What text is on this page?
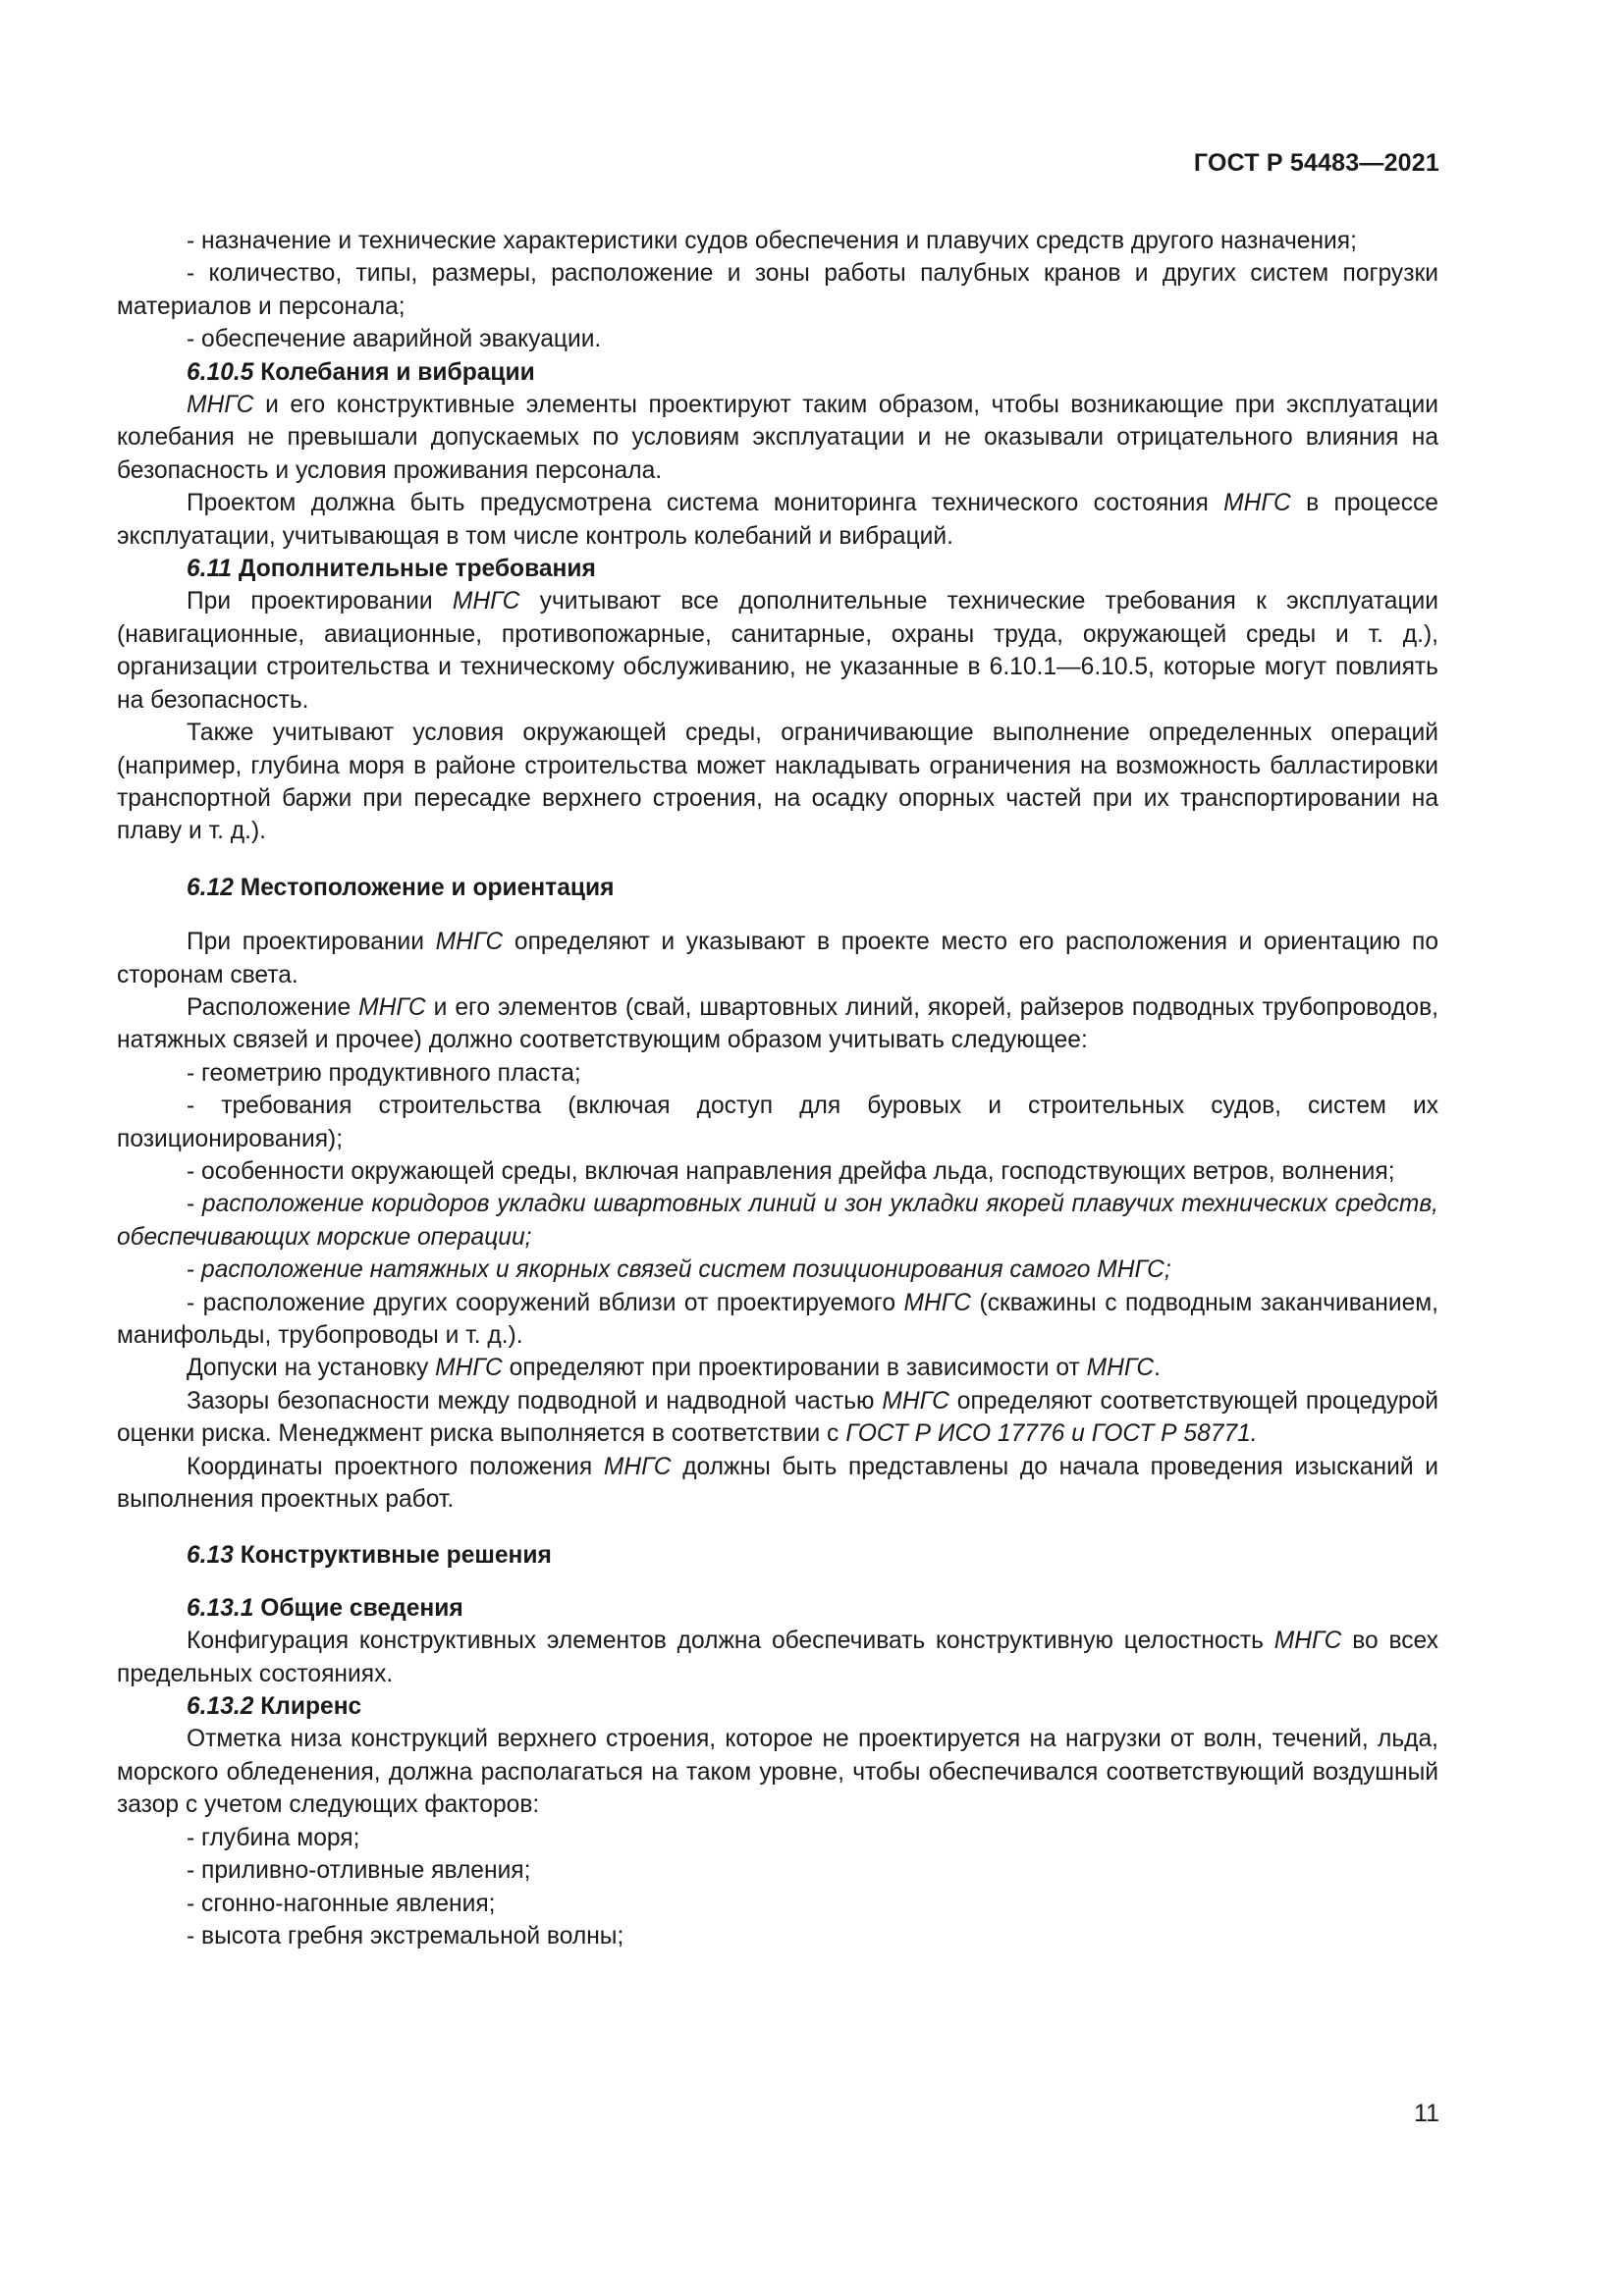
ГОСТ Р 54483—2021

- назначение и технические характеристики судов обеспечения и плавучих средств другого назначения;

- количество, типы, размеры, расположение и зоны работы палубных кранов и других систем погрузки материалов и персонала;

- обеспечение аварийной эвакуации.

6.10.5 Колебания и вибрации

МНГС и его конструктивные элементы проектируют таким образом, чтобы возникающие при эксплуатации колебания не превышали допускаемых по условиям эксплуатации и не оказывали отрицательного влияния на безопасность и условия проживания персонала.

Проектом должна быть предусмотрена система мониторинга технического состояния МНГС в процессе эксплуатации, учитывающая в том числе контроль колебаний и вибраций.

6.11 Дополнительные требования

При проектировании МНГС учитывают все дополнительные технические требования к эксплуатации (навигационные, авиационные, противопожарные, санитарные, охраны труда, окружающей среды и т. д.), организации строительства и техническому обслуживанию, не указанные в 6.10.1—6.10.5, которые могут повлиять на безопасность.

Также учитывают условия окружающей среды, ограничивающие выполнение определенных операций (например, глубина моря в районе строительства может накладывать ограничения на возможность балластировки транспортной баржи при пересадке верхнего строения, на осадку опорных частей при их транспортировании на плаву и т. д.).

6.12 Местоположение и ориентация

При проектировании МНГС определяют и указывают в проекте место его расположения и ориентацию по сторонам света.

Расположение МНГС и его элементов (свай, швартовных линий, якорей, райзеров подводных трубопроводов, натяжных связей и прочее) должно соответствующим образом учитывать следующее:

- геометрию продуктивного пласта;

- требования строительства (включая доступ для буровых и строительных судов, систем их позиционирования);

- особенности окружающей среды, включая направления дрейфа льда, господствующих ветров, волнения;

- расположение коридоров укладки швартовных линий и зон укладки якорей плавучих технических средств, обеспечивающих морские операции;

- расположение натяжных и якорных связей систем позиционирования самого МНГС;

- расположение других сооружений вблизи от проектируемого МНГС (скважины с подводным заканчиванием, манифольды, трубопроводы и т. д.).

Допуски на установку МНГС определяют при проектировании в зависимости от МНГС.

Зазоры безопасности между подводной и надводной частью МНГС определяют соответствующей процедурой оценки риска. Менеджмент риска выполняется в соответствии с ГОСТ Р ИСО 17776 и ГОСТ Р 58771.

Координаты проектного положения МНГС должны быть представлены до начала проведения изысканий и выполнения проектных работ.

6.13 Конструктивные решения

6.13.1 Общие сведения

Конфигурация конструктивных элементов должна обеспечивать конструктивную целостность МНГС во всех предельных состояниях.

6.13.2 Клиренс

Отметка низа конструкций верхнего строения, которое не проектируется на нагрузки от волн, течений, льда, морского обледенения, должна располагаться на таком уровне, чтобы обеспечивался соответствующий воздушный зазор с учетом следующих факторов:

- глубина моря;

- приливно-отливные явления;

- сгонно-нагонные явления;

- высота гребня экстремальной волны;

11
